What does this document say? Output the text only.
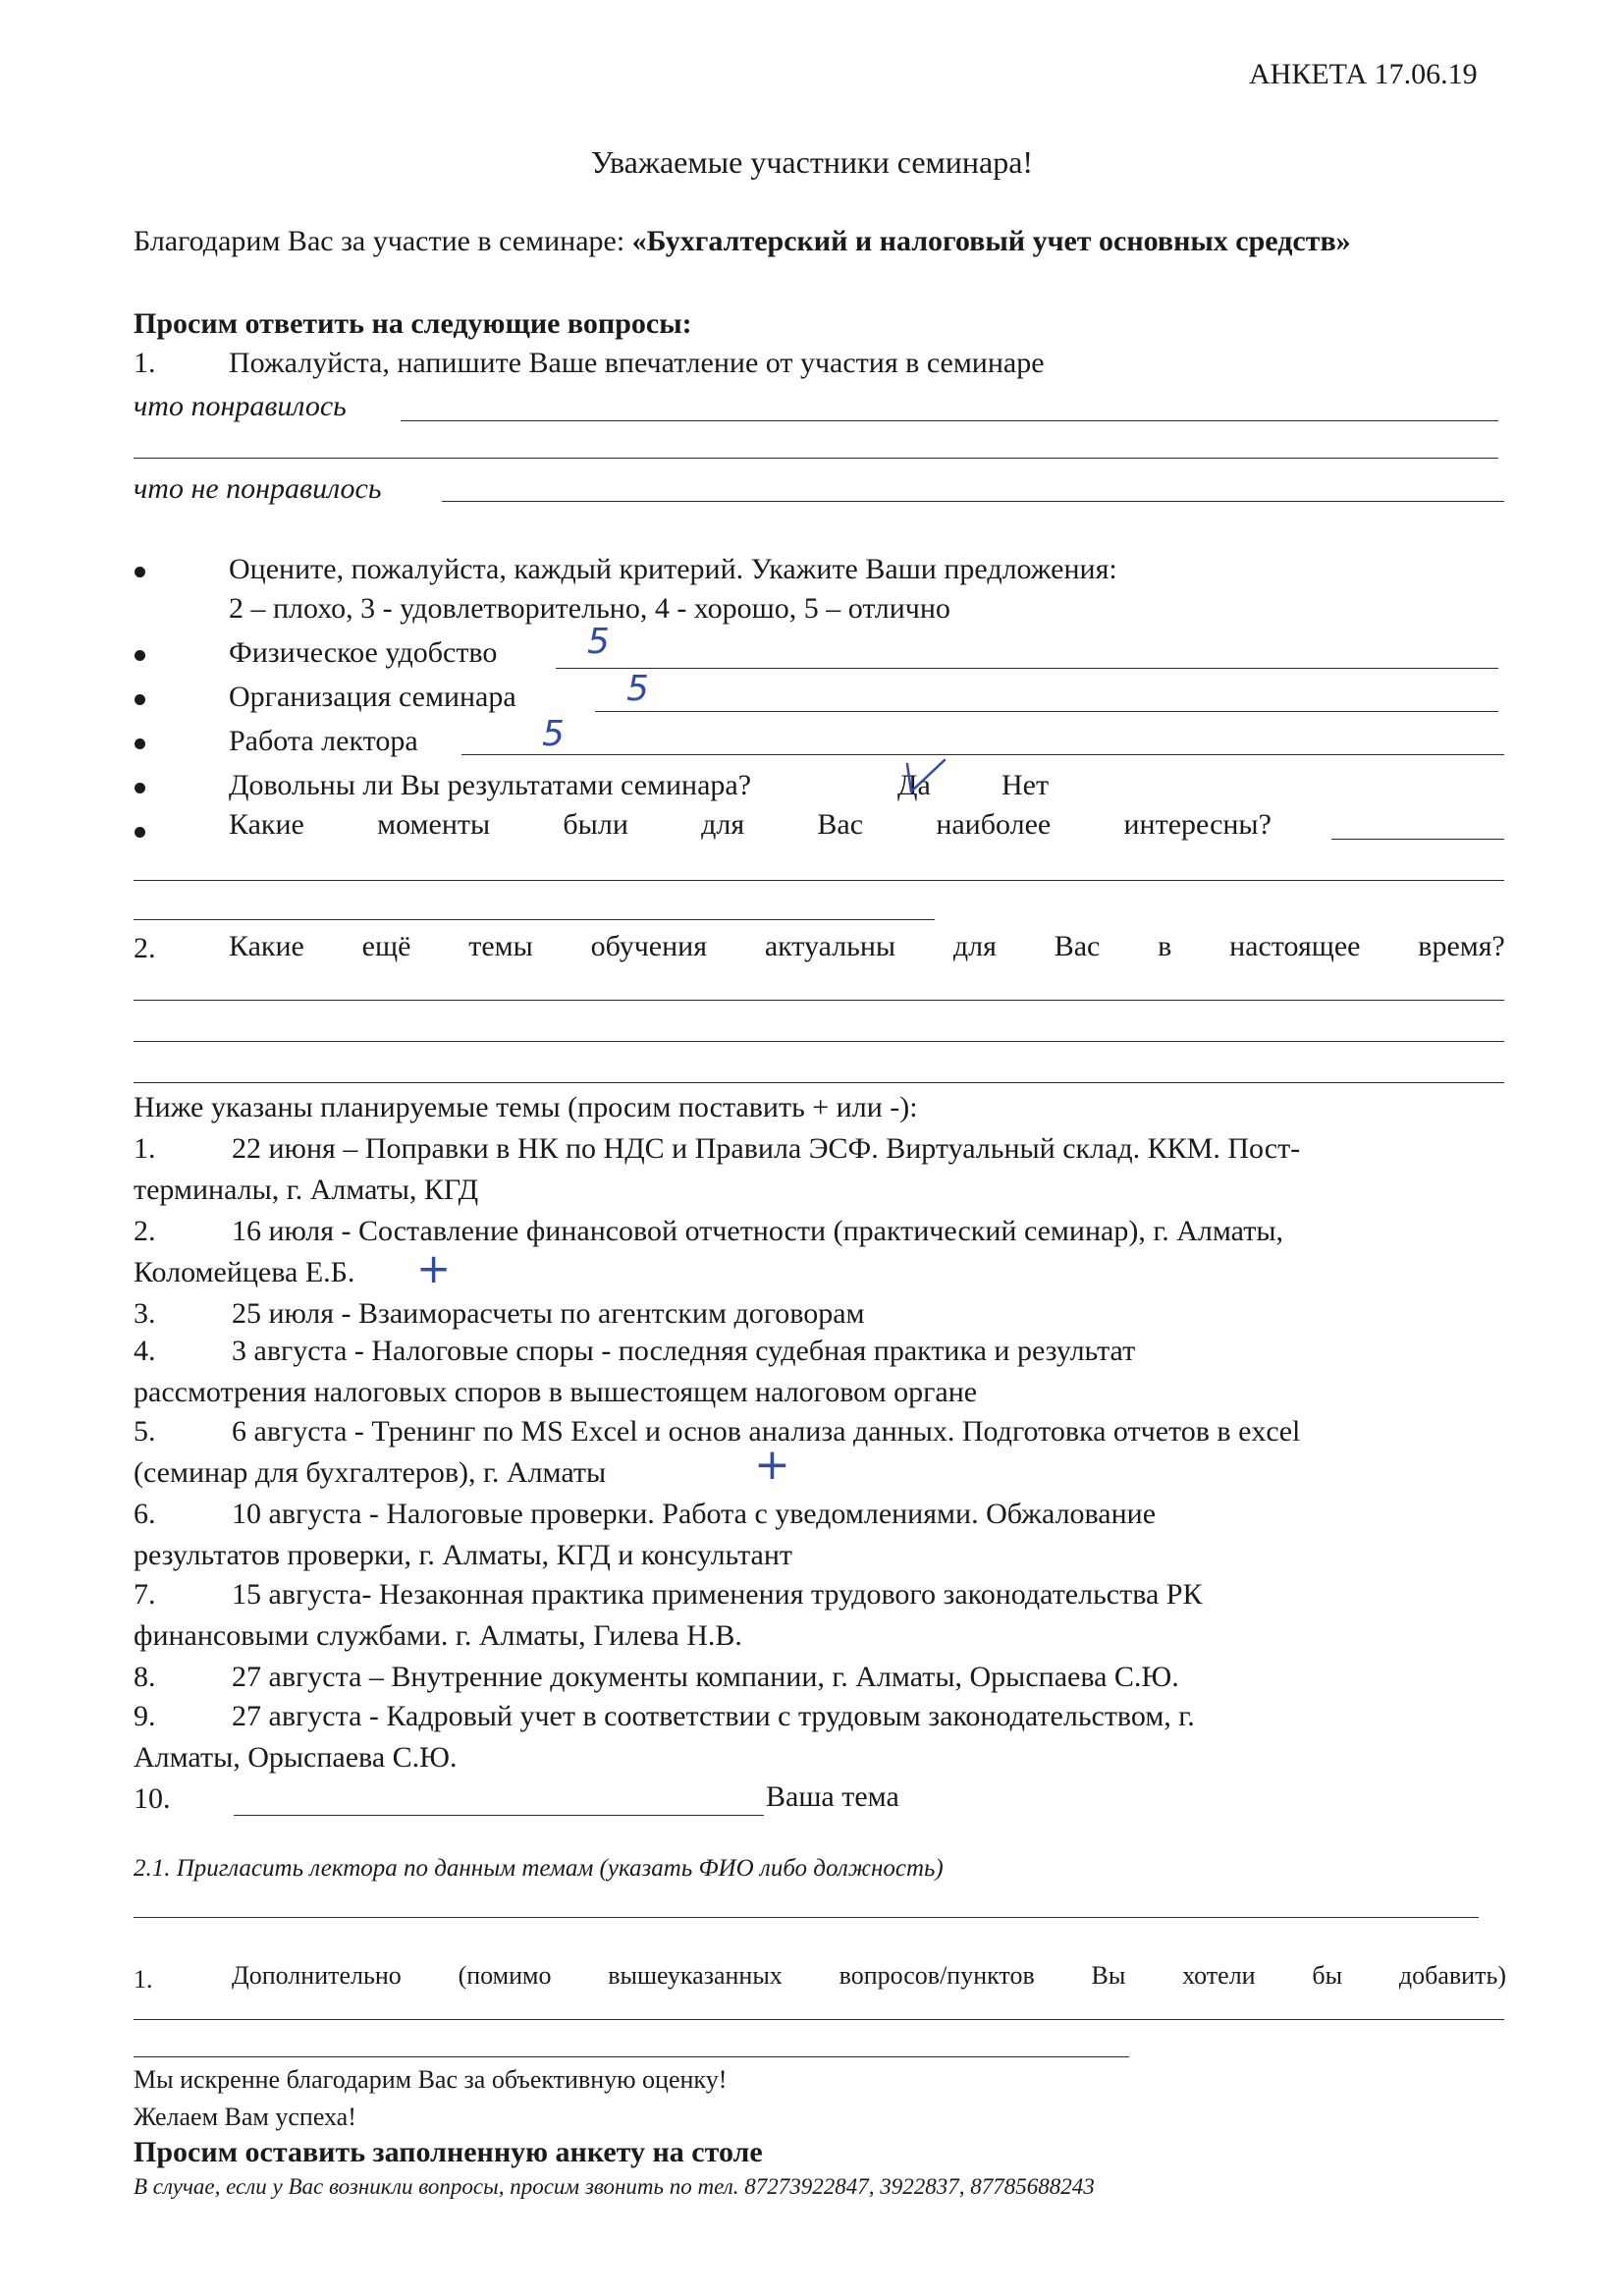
АНКЕТА 17.06.19
Уважаемые участники семинара!
Благодарим Вас за участие в семинаре: «Бухгалтерский и налоговый учет основных средств»
Просим ответить на следующие вопросы:
1. Пожалуйста, напишите Ваше впечатление от участия в семинаре
что понравилось
что не понравилось
Оцените, пожалуйста, каждый критерий. Укажите Ваши предложения:
2 – плохо, 3 - удовлетворительно, 4 - хорошо, 5 – отлично
Физическое удобство	5
Организация семинара	5
Работа лектора	5
Довольны ли Вы результатами семинара?	Да Нет
Какие моменты были для Вас наиболее интересны?
2. Какие ещё темы обучения актуальны для Вас в настоящее время?
Ниже указаны планируемые темы (просим поставить + или -):
1.	22 июня – Поправки в НК по НДС и Правила ЭСФ. Виртуальный склад. ККМ. Пост-
терминалы, г. Алматы, КГД
2.	16 июля - Составление финансовой отчетности (практический семинар), г. Алматы,
Коломейцева Е.Б. +
3.	25 июля - Взаиморасчеты по агентским договорам
4.	3 августа - Налоговые споры - последняя судебная практика и результат
рассмотрения налоговых споров в вышестоящем налоговом органе
5.	6 августа - Тренинг по MS Excel и основ анализа данных. Подготовка отчетов в excel
(семинар для бухгалтеров), г. Алматы	+
6.	10 августа - Налоговые проверки. Работа с уведомлениями. Обжалование
результатов проверки, г. Алматы, КГД и консультант
7.	15 августа- Незаконная практика применения трудового законодательства РК
финансовыми службами. г. Алматы, Гилева Н.В.
8.	27 августа – Внутренние документы компании, г. Алматы, Орыспаева С.Ю.
9.	27 августа - Кадровый учет в соответствии с трудовым законодательством, г.
Алматы, Орыспаева С.Ю.
10.	Ваша тема
2.1. Пригласить лектора по данным темам (указать ФИО либо должность)
1.	Дополнительно (помимо вышеуказанных вопросов/пунктов Вы хотели бы добавить)
Мы искренне благодарим Вас за объективную оценку!
Желаем Вам успеха!
Просим оставить заполненную анкету на столе
В случае, если у Вас возникли вопросы, просим звонить по тел. 87273922847, 3922837, 87785688243
